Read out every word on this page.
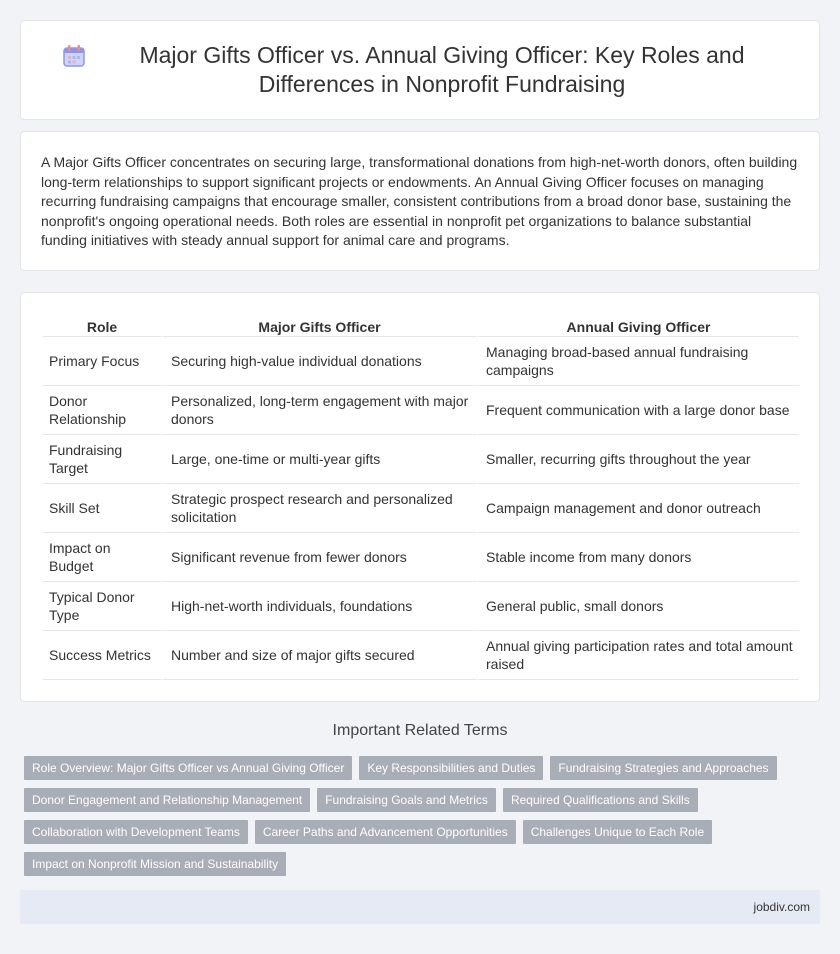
Major Gifts Officer vs. Annual Giving Officer: Key Roles and Differences in Nonprofit Fundraising

A Major Gifts Officer concentrates on securing large, transformational donations from high-net-worth donors, often building long-term relationships to support significant projects or endowments. An Annual Giving Officer focuses on managing recurring fundraising campaigns that encourage smaller, consistent contributions from a broad donor base, sustaining the nonprofit's ongoing operational needs. Both roles are essential in nonprofit pet organizations to balance substantial funding initiatives with steady annual support for animal care and programs.

Role	Major Gifts Officer	Annual Giving Officer
Primary Focus	Securing high-value individual donations	Managing broad-based annual fundraising campaigns
Donor Relationship	Personalized, long-term engagement with major donors	Frequent communication with a large donor base
Fundraising Target	Large, one-time or multi-year gifts	Smaller, recurring gifts throughout the year
Skill Set	Strategic prospect research and personalized solicitation	Campaign management and donor outreach
Impact on Budget	Significant revenue from fewer donors	Stable income from many donors
Typical Donor Type	High-net-worth individuals, foundations	General public, small donors
Success Metrics	Number and size of major gifts secured	Annual giving participation rates and total amount raised
Important Related Terms
Role Overview: Major Gifts Officer vs Annual Giving Officer	Key Responsibilities and Duties	Fundraising Strategies and Approaches
Donor Engagement and Relationship Management	Fundraising Goals and Metrics	Required Qualifications and Skills
Collaboration with Development Teams	Career Paths and Advancement Opportunities	Challenges Unique to Each Role
Impact on Nonprofit Mission and Sustainability
jobdiv.com
